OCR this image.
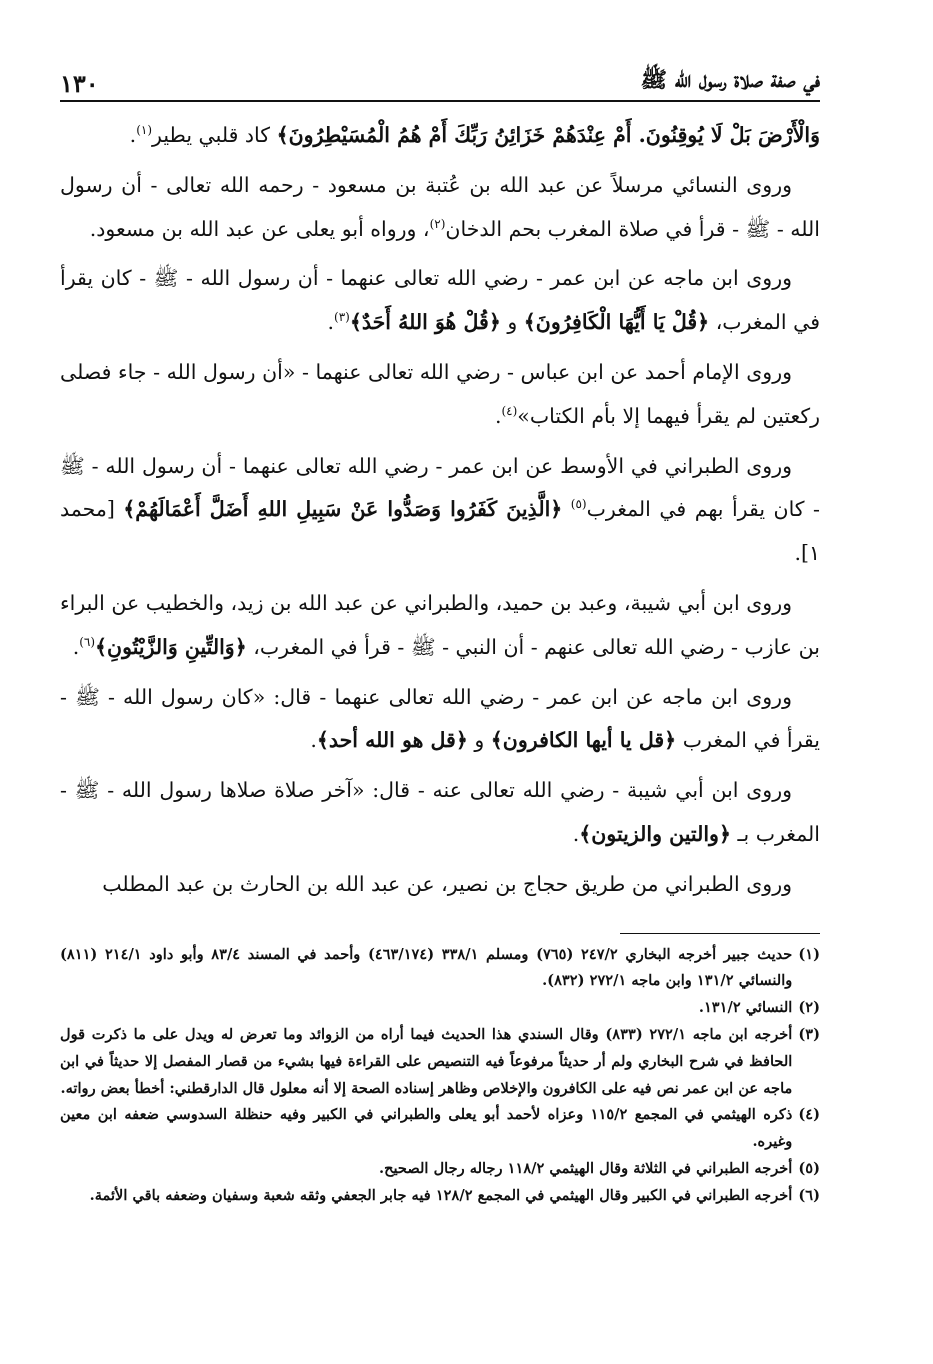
في صفة صلاة رسول الله ﷺ
١٣٠

وَالْأَرْضَ بَلْ لَا يُوقِنُونَ. أَمْ عِنْدَهُمْ خَزَائِنُ رَبِّكَ أَمْ هُمُ الْمُسَيْطِرُونَ﴾ كاد قلبي يطير$^{(١)}$.

وروى النسائي مرسلاً عن عبد الله بن عُتبة بن مسعود - رحمه الله تعالى - أن رسول الله - ﷺ - قرأ في صلاة المغرب بحم الدخان$^{(٢)}$، ورواه أبو يعلى عن عبد الله بن مسعود.

وروى ابن ماجه عن ابن عمر - رضي الله تعالى عنهما - أن رسول الله - ﷺ - كان يقرأ في المغرب، ﴿قُلْ يَا أَيُّهَا الْكَافِرُونَ﴾ و ﴿قُلْ هُوَ اللهُ أَحَدٌ﴾$^{(٣)}$.

وروى الإمام أحمد عن ابن عباس - رضي الله تعالى عنهما - «أن رسول الله - جاء فصلى ركعتين لم يقرأ فيهما إلا بأم الكتاب»$^{(٤)}$.

وروى الطبراني في الأوسط عن ابن عمر - رضي الله تعالى عنهما - أن رسول الله - ﷺ - كان يقرأ بهم في المغرب$^{(٥)}$ ﴿الَّذِينَ كَفَرُوا وَصَدُّوا عَنْ سَبِيلِ اللهِ أَضَلَّ أَعْمَالَهُمْ﴾ [محمد ١].

وروى ابن أبي شيبة، وعبد بن حميد، والطبراني عن عبد الله بن زيد، والخطيب عن البراء بن عازب - رضي الله تعالى عنهم - أن النبي - ﷺ - قرأ في المغرب، ﴿وَالتِّينِ وَالزَّيْتُونِ﴾$^{(٦)}$.

وروى ابن ماجه عن ابن عمر - رضي الله تعالى عنهما - قال: «كان رسول الله - ﷺ - يقرأ في المغرب ﴿قل يا أيها الكافرون﴾ و ﴿قل هو الله أحد﴾.

وروى ابن أبي شيبة - رضي الله تعالى عنه - قال: «آخر صلاة صلاها رسول الله - ﷺ - المغرب بـ ﴿والتين والزيتون﴾.

وروى الطبراني من طريق حجاج بن نصير، عن عبد الله بن الحارث بن عبد المطلب

(١)
حديث جبير أخرجه البخاري ٢٤٧/٢ (٧٦٥) ومسلم ٣٣٨/١ (٤٦٣/١٧٤) وأحمد في المسند ٨٣/٤ وأبو داود ٢١٤/١ (٨١١) والنسائي ١٣١/٢ وابن ماجه ٢٧٢/١ (٨٣٢).
(٢)
النسائي ١٣١/٢.
(٣)
أخرجه ابن ماجه ٢٧٢/١ (٨٣٣) وقال السندي هذا الحديث فيما أراه من الزوائد وما تعرض له ويدل على ما ذكرت قول الحافظ في شرح البخاري ولم أر حديثاً مرفوعاً فيه التنصيص على القراءة فيها بشيء من قصار المفصل إلا حديثاً في ابن ماجه عن ابن عمر نص فيه على الكافرون والإخلاص وظاهر إسناده الصحة إلا أنه معلول قال الدارقطني: أخطأ بعض رواته.
(٤)
ذكره الهيثمي في المجمع ١١٥/٢ وعزاه لأحمد أبو يعلى والطبراني في الكبير وفيه حنظلة السدوسي ضعفه ابن معين وغيره.
(٥)
أخرجه الطبراني في الثلاثة وقال الهيثمي ١١٨/٢ رجاله رجال الصحيح.
(٦)
أخرجه الطبراني في الكبير وقال الهيثمي في المجمع ١٢٨/٢ فيه جابر الجعفي وثقه شعبة وسفيان وضعفه باقي الأئمة.
